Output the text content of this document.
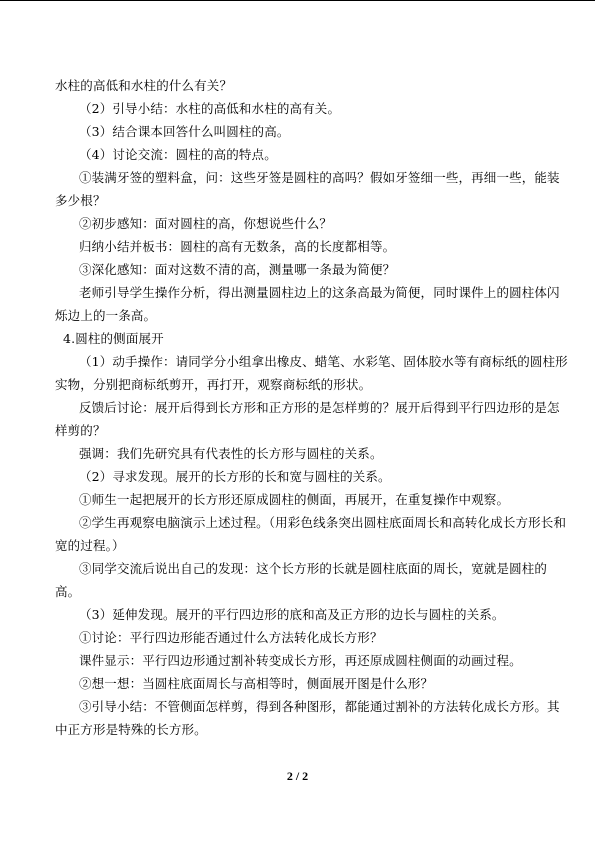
水柱的高低和水柱的什么有关？
（2）引导小结：水柱的高低和水柱的高有关。
（3）结合课本回答什么叫圆柱的高。
（4）讨论交流：圆柱的高的特点。
①装满牙签的塑料盒，问：这些牙签是圆柱的高吗？假如牙签细一些，再细一些，能装
多少根？
②初步感知：面对圆柱的高，你想说些什么？
归纳小结并板书：圆柱的高有无数条，高的长度都相等。
③深化感知：面对这数不清的高，测量哪一条最为简便？
老师引导学生操作分析，得出测量圆柱边上的这条高最为简便，同时课件上的圆柱体闪
烁边上的一条高。
4.圆柱的侧面展开
（1）动手操作：请同学分小组拿出橡皮、蜡笔、水彩笔、固体胶水等有商标纸的圆柱形
实物，分别把商标纸剪开，再打开，观察商标纸的形状。
反馈后讨论：展开后得到长方形和正方形的是怎样剪的？展开后得到平行四边形的是怎
样剪的？
强调：我们先研究具有代表性的长方形与圆柱的关系。
（2）寻求发现。展开的长方形的长和宽与圆柱的关系。
①师生一起把展开的长方形还原成圆柱的侧面，再展开，在重复操作中观察。
②学生再观察电脑演示上述过程。（用彩色线条突出圆柱底面周长和高转化成长方形长和
宽的过程。）
③同学交流后说出自己的发现：这个长方形的长就是圆柱底面的周长，宽就是圆柱的
高。
（3）延伸发现。展开的平行四边形的底和高及正方形的边长与圆柱的关系。
①讨论：平行四边形能否通过什么方法转化成长方形？
课件显示：平行四边形通过割补转变成长方形，再还原成圆柱侧面的动画过程。
②想一想：当圆柱底面周长与高相等时，侧面展开图是什么形？
③引导小结：不管侧面怎样剪，得到各种图形，都能通过割补的方法转化成长方形。其
中正方形是特殊的长方形。
2 / 2
